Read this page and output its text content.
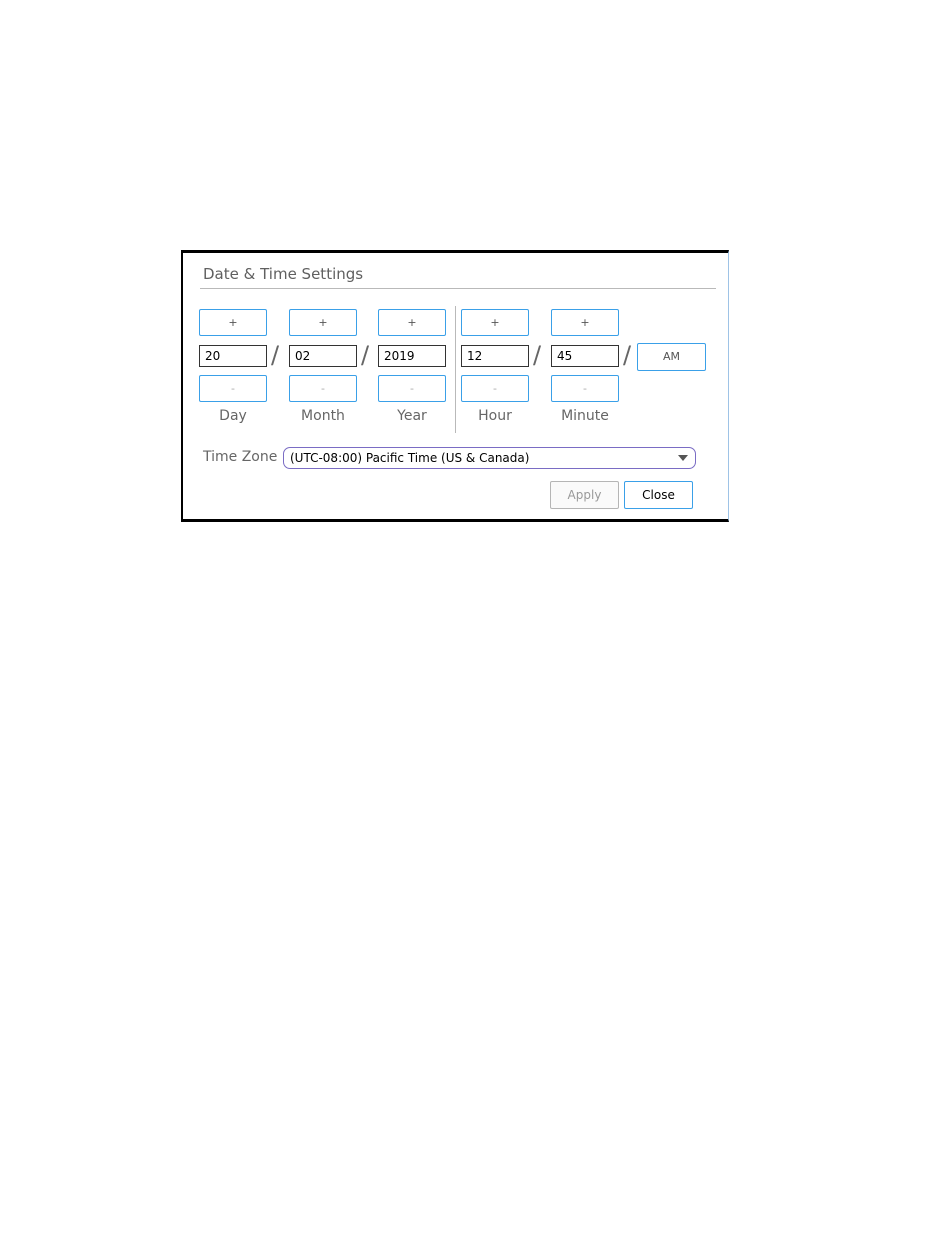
Date & Time Settings
+
20
-
Day
/
+
02
-
Month
/
+
2019
-
Year
+
12
-
Hour
/
+
45
-
Minute
/	AM
Time Zone	(UTC-08:00) Pacific Time (US & Canada)
Apply	Close
